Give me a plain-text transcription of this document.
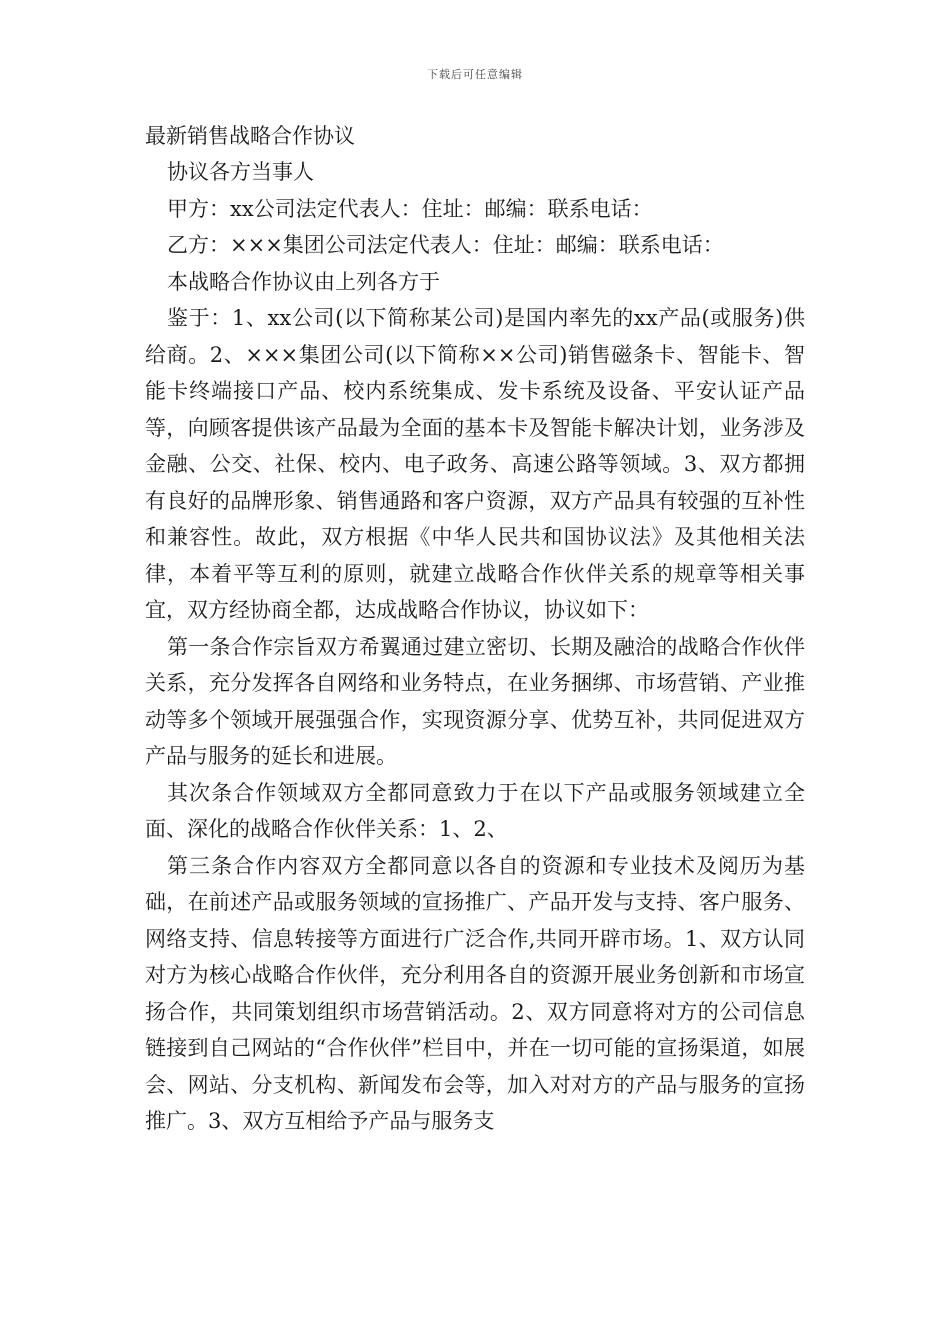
下载后可任意编辑

最新销售战略合作协议

协议各方当事人

甲方：xx公司法定代表人：住址：邮编：联系电话：

乙方：×××集团公司法定代表人：住址：邮编：联系电话：

本战略合作协议由上列各方于

鉴于：1、xx公司(以下简称某公司)是国内率先的xx产品(或服务)供给商。2、×××集团公司(以下简称××公司)销售磁条卡、智能卡、智能卡终端接口产品、校内系统集成、发卡系统及设备、平安认证产品等，向顾客提供该产品最为全面的基本卡及智能卡解决计划，业务涉及金融、公交、社保、校内、电子政务、高速公路等领域。3、双方都拥有良好的品牌形象、销售通路和客户资源，双方产品具有较强的互补性和兼容性。故此，双方根据《中华人民共和国协议法》及其他相关法律，本着平等互利的原则，就建立战略合作伙伴关系的规章等相关事宜，双方经协商全都，达成战略合作协议，协议如下：

第一条合作宗旨双方希翼通过建立密切、长期及融洽的战略合作伙伴关系，充分发挥各自网络和业务特点，在业务捆绑、市场营销、产业推动等多个领域开展强强合作，实现资源分享、优势互补，共同促进双方产品与服务的延长和进展。

其次条合作领域双方全都同意致力于在以下产品或服务领域建立全面、深化的战略合作伙伴关系：1、2、

第三条合作内容双方全都同意以各自的资源和专业技术及阅历为基础，在前述产品或服务领域的宣扬推广、产品开发与支持、客户服务、网络支持、信息转接等方面进行广泛合作,共同开辟市场。1、双方认同对方为核心战略合作伙伴，充分利用各自的资源开展业务创新和市场宣扬合作，共同策划组织市场营销活动。2、双方同意将对方的公司信息链接到自己网站的“合作伙伴”栏目中，并在一切可能的宣扬渠道，如展会、网站、分支机构、新闻发布会等，加入对对方的产品与服务的宣扬推广。3、双方互相给予产品与服务支
